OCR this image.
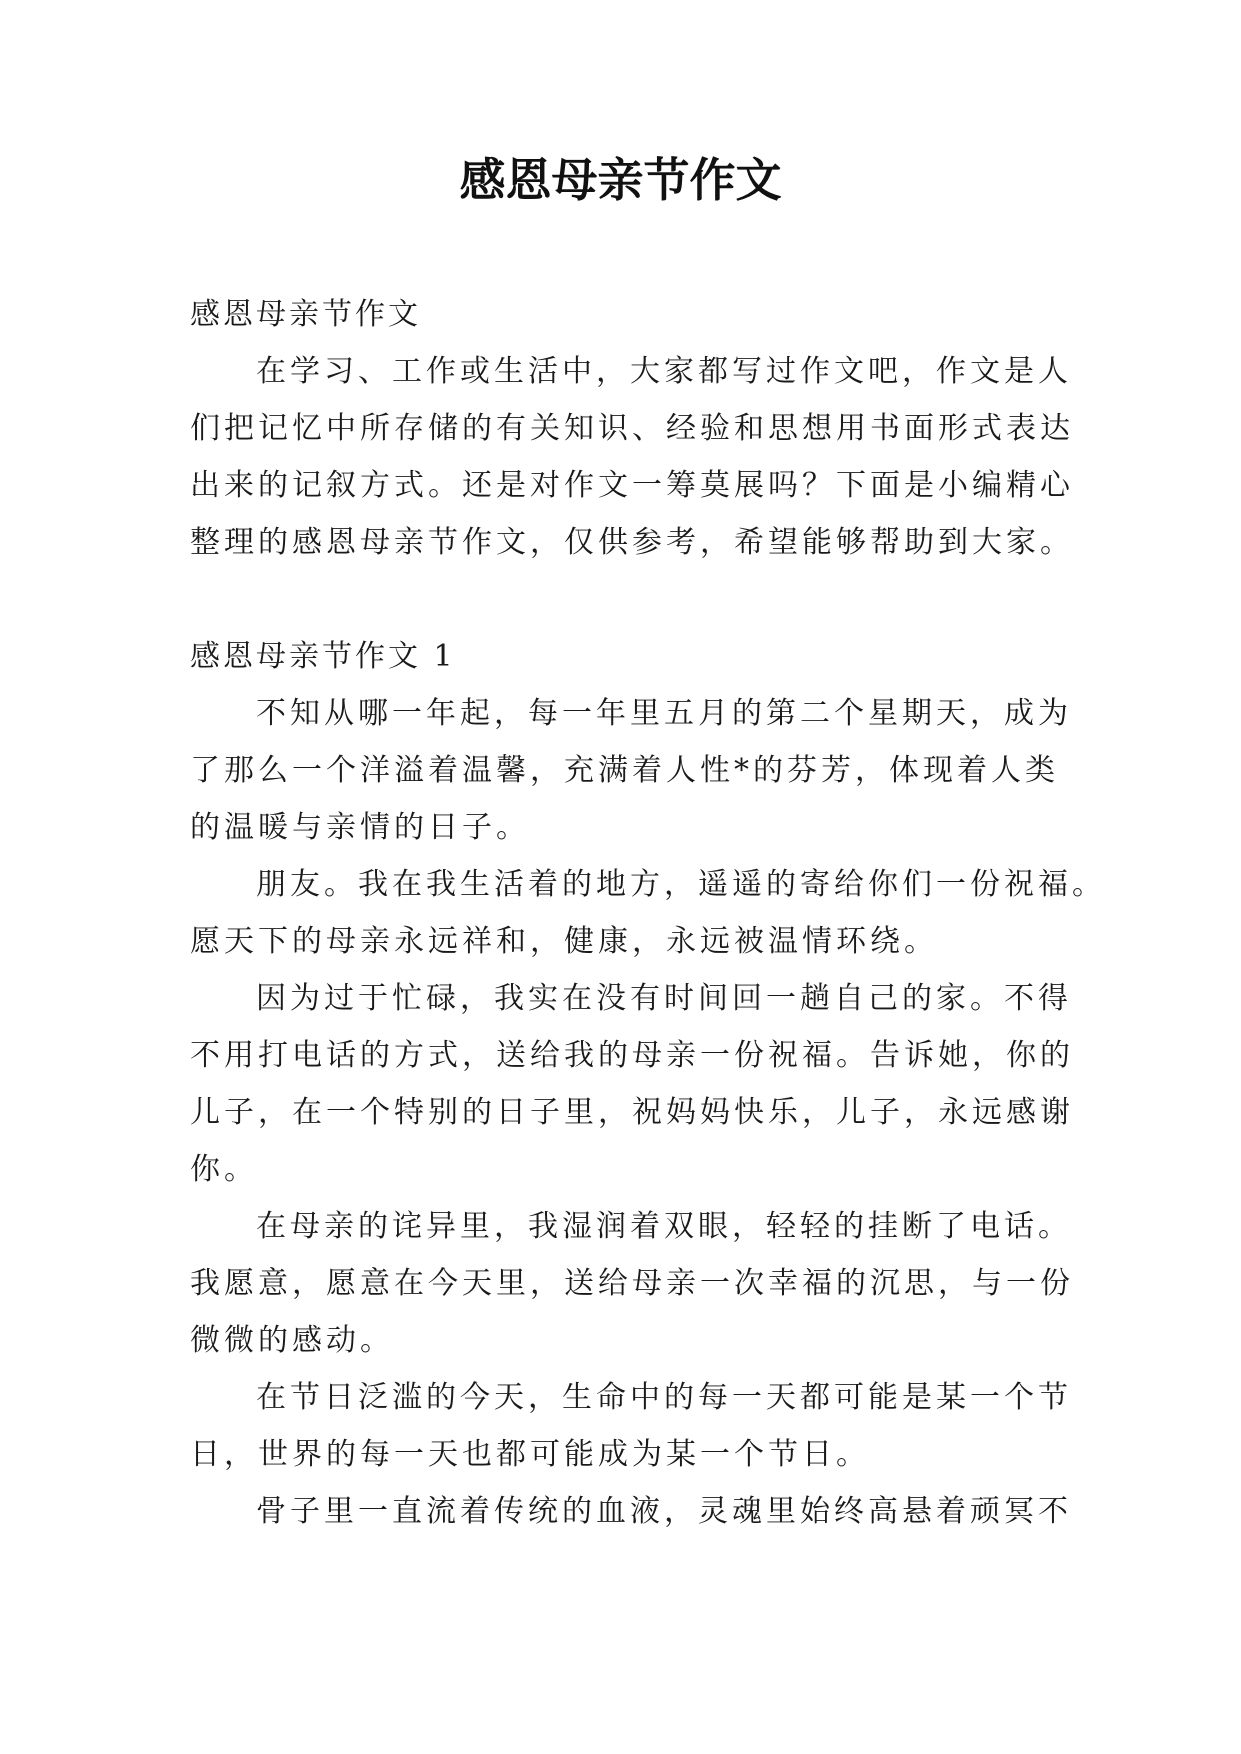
感恩母亲节作文

感恩母亲节作文

在学习、工作或生活中，大家都写过作文吧，作文是人

们把记忆中所存储的有关知识、经验和思想用书面形式表达

出来的记叙方式。还是对作文一筹莫展吗？下面是小编精心

整理的感恩母亲节作文，仅供参考，希望能够帮助到大家。

感恩母亲节作文 1

不知从哪一年起，每一年里五月的第二个星期天，成为

了那么一个洋溢着温馨，充满着人性*的芬芳，体现着人类

的温暖与亲情的日子。

朋友。我在我生活着的地方，遥遥的寄给你们一份祝福。

愿天下的母亲永远祥和，健康，永远被温情环绕。

因为过于忙碌，我实在没有时间回一趟自己的家。不得

不用打电话的方式，送给我的母亲一份祝福。告诉她，你的

儿子，在一个特别的日子里，祝妈妈快乐，儿子，永远感谢

你。

在母亲的诧异里，我湿润着双眼，轻轻的挂断了电话。

我愿意，愿意在今天里，送给母亲一次幸福的沉思，与一份

微微的感动。

在节日泛滥的今天，生命中的每一天都可能是某一个节

日，世界的每一天也都可能成为某一个节日。

骨子里一直流着传统的血液，灵魂里始终高悬着顽冥不
